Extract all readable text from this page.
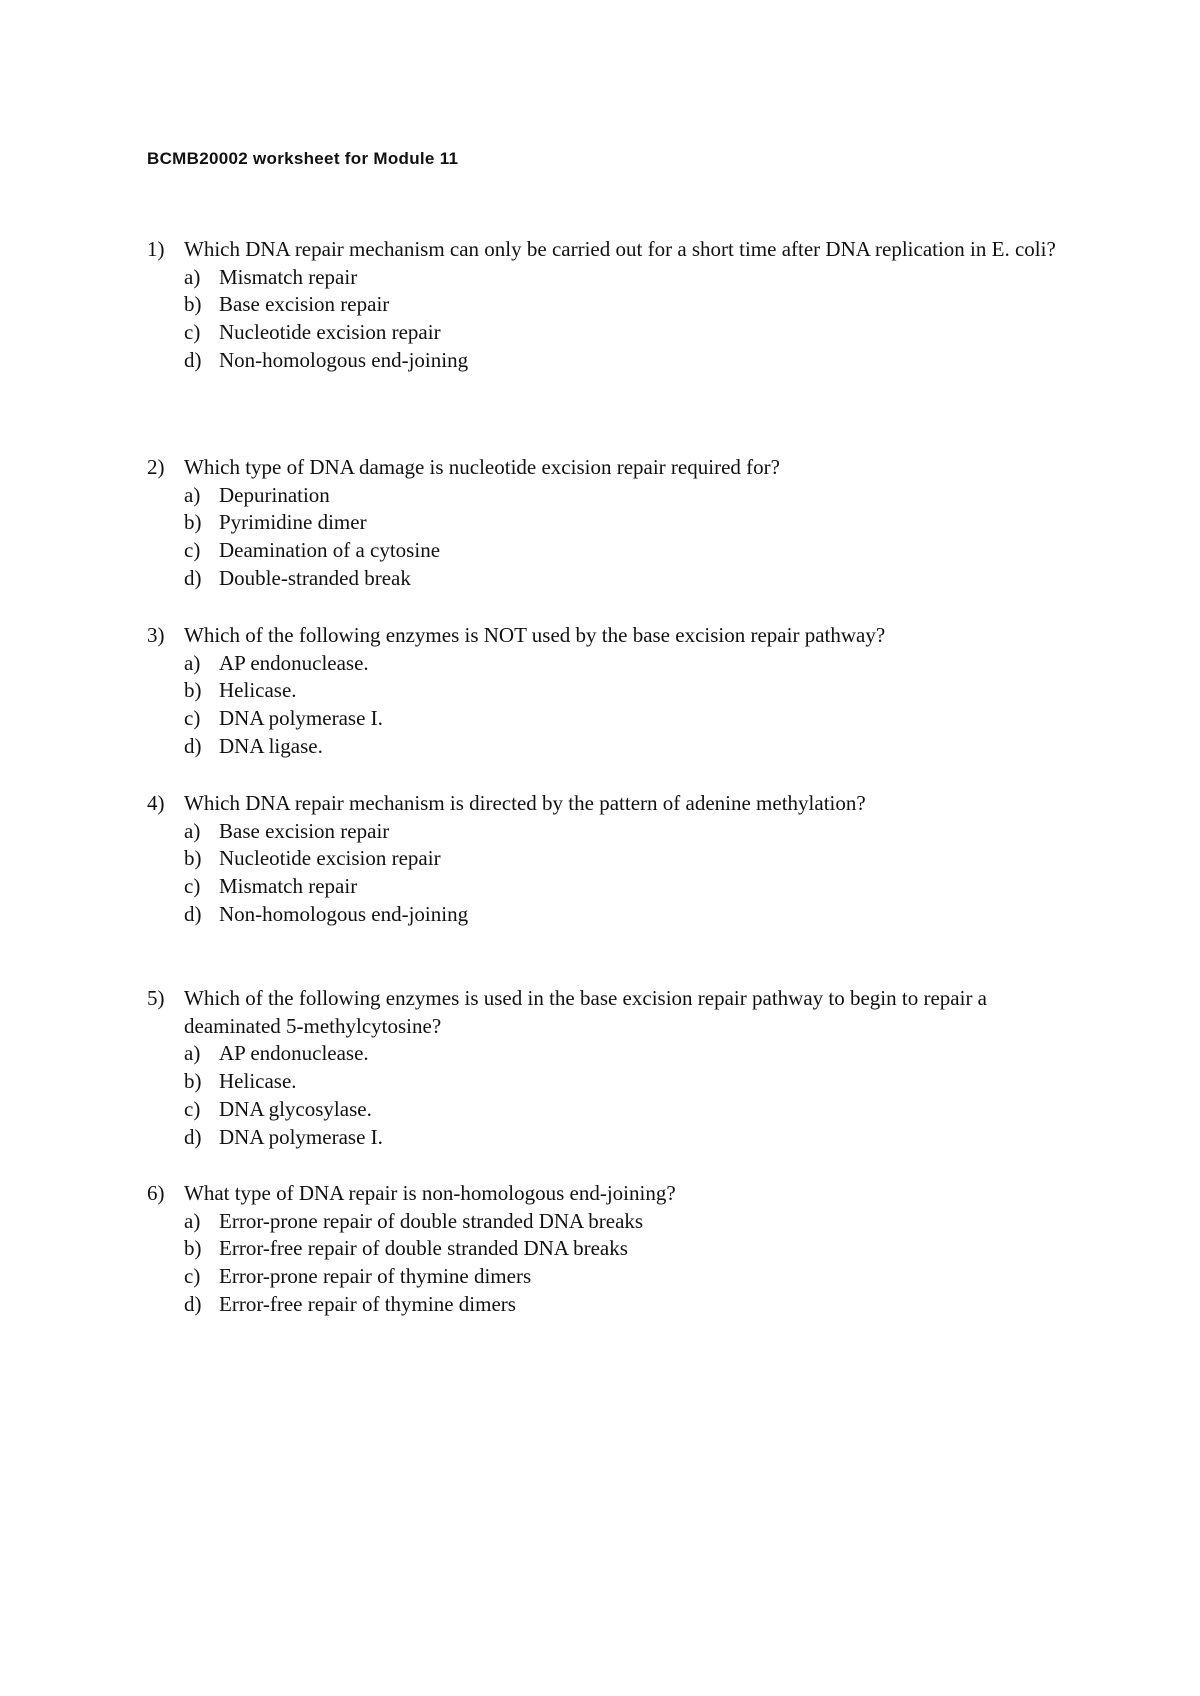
BCMB20002 worksheet for Module 11
1) Which DNA repair mechanism can only be carried out for a short time after DNA replication in E. coli?
a) Mismatch repair
b) Base excision repair
c) Nucleotide excision repair
d) Non-homologous end-joining
2) Which type of DNA damage is nucleotide excision repair required for?
a) Depurination
b) Pyrimidine dimer
c) Deamination of a cytosine
d) Double-stranded break
3) Which of the following enzymes is NOT used by the base excision repair pathway?
a) AP endonuclease.
b) Helicase.
c) DNA polymerase I.
d) DNA ligase.
4) Which DNA repair mechanism is directed by the pattern of adenine methylation?
a) Base excision repair
b) Nucleotide excision repair
c) Mismatch repair
d) Non-homologous end-joining
5) Which of the following enzymes is used in the base excision repair pathway to begin to repair a deaminated 5-methylcytosine?
a) AP endonuclease.
b) Helicase.
c) DNA glycosylase.
d) DNA polymerase I.
6) What type of DNA repair is non-homologous end-joining?
a) Error-prone repair of double stranded DNA breaks
b) Error-free repair of double stranded DNA breaks
c) Error-prone repair of thymine dimers
d) Error-free repair of thymine dimers
